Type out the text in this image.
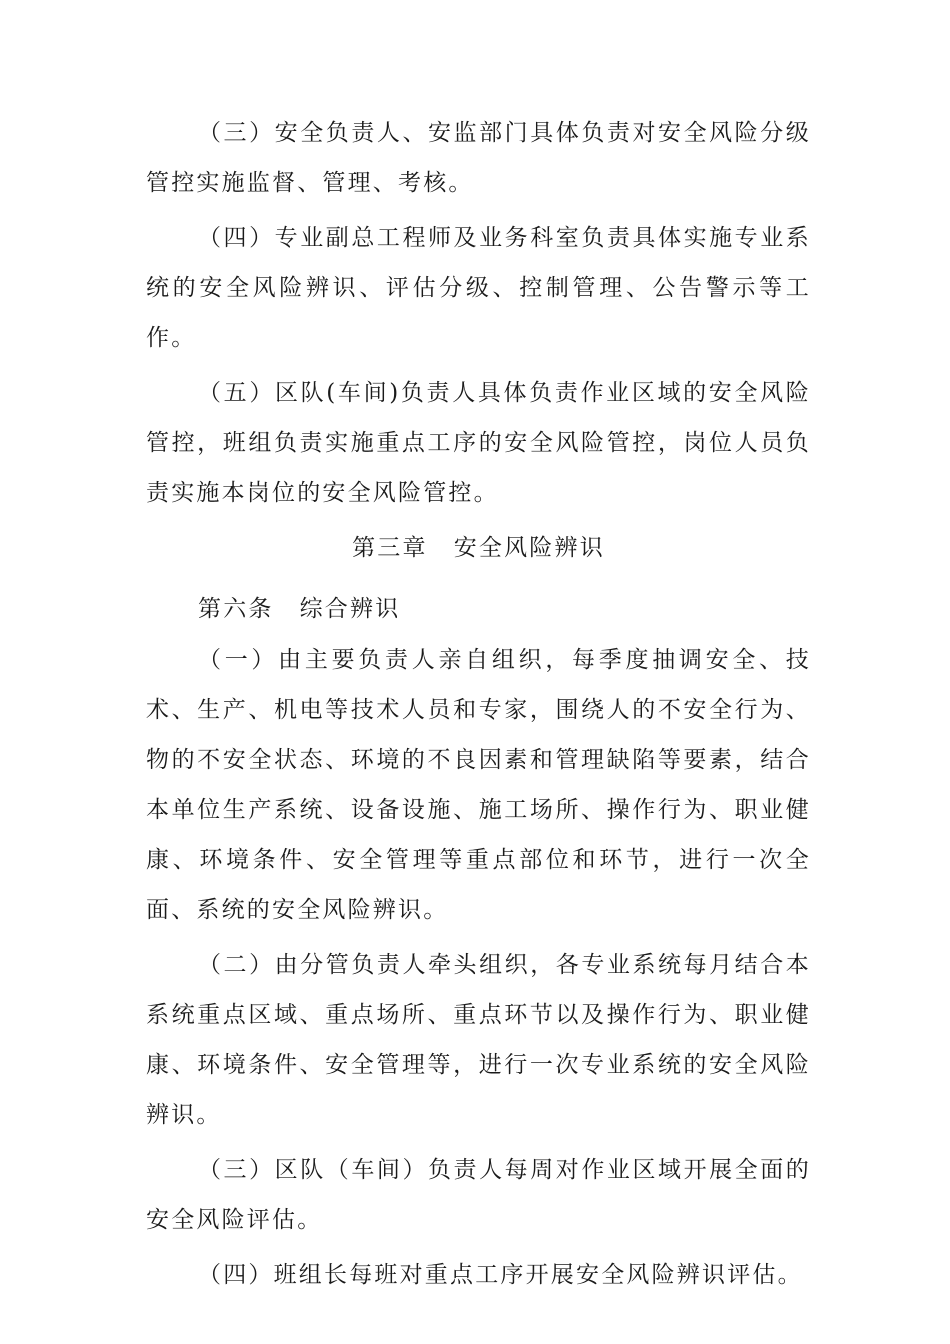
（三）安全负责人、安监部门具体负责对安全风险分级管控实施监督、管理、考核。

（四）专业副总工程师及业务科室负责具体实施专业系统的安全风险辨识、评估分级、控制管理、公告警示等工作。

（五）区队(车间)负责人具体负责作业区域的安全风险管控，班组负责实施重点工序的安全风险管控，岗位人员负责实施本岗位的安全风险管控。

第三章 安全风险辨识

第六条 综合辨识

（一）由主要负责人亲自组织，每季度抽调安全、技术、生产、机电等技术人员和专家，围绕人的不安全行为、物的不安全状态、环境的不良因素和管理缺陷等要素，结合本单位生产系统、设备设施、施工场所、操作行为、职业健康、环境条件、安全管理等重点部位和环节，进行一次全面、系统的安全风险辨识。

（二）由分管负责人牵头组织，各专业系统每月结合本系统重点区域、重点场所、重点环节以及操作行为、职业健康、环境条件、安全管理等，进行一次专业系统的安全风险辨识。

（三）区队（车间）负责人每周对作业区域开展全面的安全风险评估。

（四）班组长每班对重点工序开展安全风险辨识评估。
